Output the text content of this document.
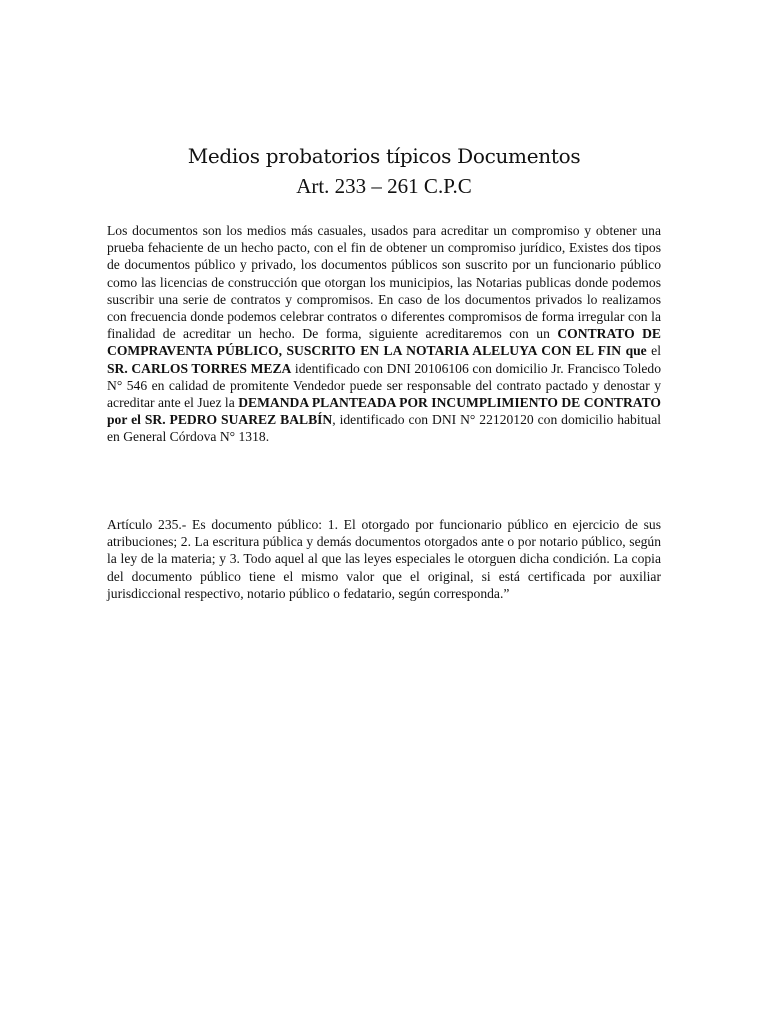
Medios probatorios típicos Documentos
Art. 233 – 261 C.P.C
Los documentos son los medios más casuales, usados para acreditar un compromiso y obtener una prueba fehaciente de un hecho pacto, con el fin de obtener un compromiso jurídico, Existes dos tipos de documentos público y privado, los documentos públicos son suscrito por un funcionario público como las licencias de construcción que otorgan los municipios, las Notarias publicas donde podemos suscribir una serie de contratos y compromisos. En caso de los documentos privados lo realizamos con frecuencia donde podemos celebrar contratos o diferentes compromisos de forma irregular con la finalidad de acreditar un hecho. De forma, siguiente acreditaremos con un CONTRATO DE COMPRAVENTA PÚBLICO, SUSCRITO EN LA NOTARIA ALELUYA CON EL FIN que el SR. CARLOS TORRES MEZA identificado con DNI 20106106 con domicilio Jr. Francisco Toledo N° 546 en calidad de promitente Vendedor puede ser responsable del contrato pactado y denostar y acreditar ante el Juez la DEMANDA PLANTEADA POR INCUMPLIMIENTO DE CONTRATO por el SR. PEDRO SUAREZ BALBÍN, identificado con DNI N° 22120120 con domicilio habitual en General Córdova N° 1318.
Artículo 235.- Es documento público: 1. El otorgado por funcionario público en ejercicio de sus atribuciones; 2. La escritura pública y demás documentos otorgados ante o por notario público, según la ley de la materia; y 3. Todo aquel al que las leyes especiales le otorguen dicha condición. La copia del documento público tiene el mismo valor que el original, si está certificada por auxiliar jurisdiccional respectivo, notario público o fedatario, según corresponda.”
